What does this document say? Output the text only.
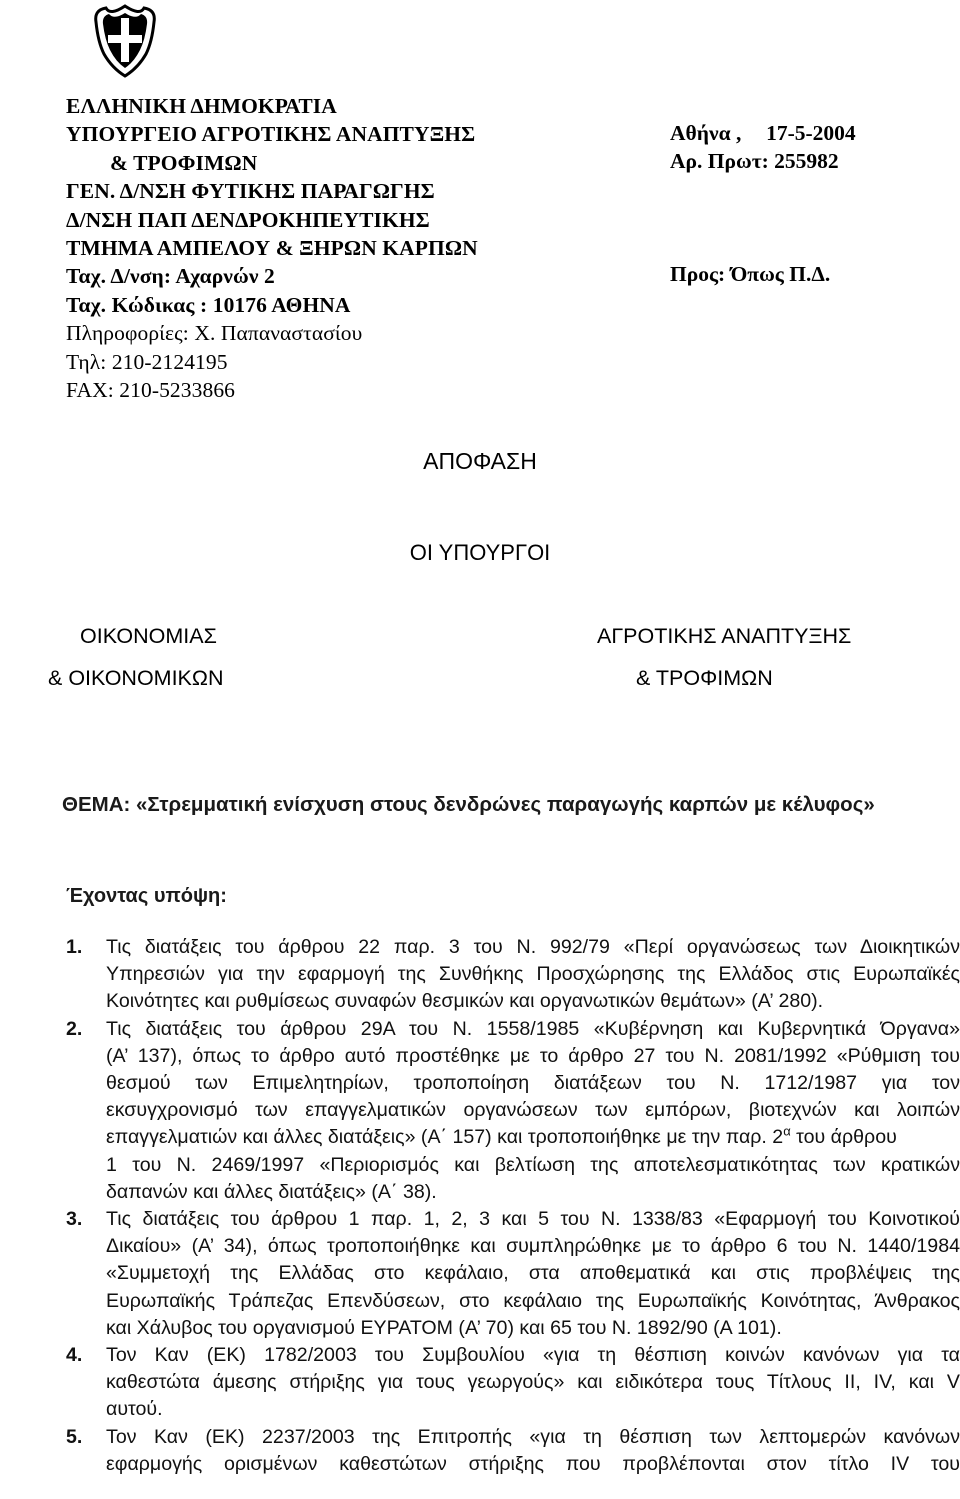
ΕΛΛΗΝΙΚΗ ΔΗΜΟΚΡΑΤΙΑ
ΥΠΟΥΡΓΕΙΟ ΑΓΡΟΤΙΚΗΣ ΑΝΑΠΤΥΞΗΣ
& ΤΡΟΦΙΜΩΝ
ΓΕΝ. Δ/ΝΣΗ ΦΥΤΙΚΗΣ ΠΑΡΑΓΩΓΗΣ
Δ/ΝΣΗ ΠΑΠ ΔΕΝΔΡΟΚΗΠΕΥΤΙΚΗΣ
ΤΜΗΜΑ ΑΜΠΕΛΟΥ & ΞΗΡΩΝ ΚΑΡΠΩΝ
Ταχ. Δ/νση: Αχαρνών 2
Ταχ. Κώδικας : 10176 ΑΘΗΝΑ
Πληροφορίες: Χ. Παπαναστασίου
Τηλ: 210-2124195
FAX: 210-5233866
Αθήνα , 17-5-2004
Αρ. Πρωτ: 255982
Προς: Όπως Π.Δ.
ΑΠΟΦΑΣΗ
ΟΙ ΥΠΟΥΡΓΟΙ
ΟΙΚΟΝΟΜΙΑΣ
& ΟΙΚΟΝΟΜΙΚΩΝ
ΑΓΡΟΤΙΚΗΣ ΑΝΑΠΤΥΞΗΣ
& ΤΡΟΦΙΜΩΝ
ΘΕΜΑ: «Στρεμματική ενίσχυση στους δενδρώνες παραγωγής καρπών με κέλυφος»
Έχοντας υπόψη:
1.	Τις διατάξεις του άρθρου 22 παρ. 3 του Ν. 992/79 «Περί οργανώσεως των Διοικητικών
Υπηρεσιών για την εφαρμογή της Συνθήκης Προσχώρησης της Ελλάδος στις Ευρωπαϊκές
Κοινότητες και ρυθμίσεως συναφών θεσμικών και οργανωτικών θεμάτων» (Α’ 280).
2.	Τις διατάξεις του άρθρου 29Α του Ν. 1558/1985 «Κυβέρνηση και Κυβερνητικά Όργανα»
(Α’ 137), όπως το άρθρο αυτό προστέθηκε με το άρθρο 27 του Ν. 2081/1992 «Ρύθμιση του
θεσμού των Επιμελητηρίων, τροποποίηση διατάξεων του Ν. 1712/1987 για τον
εκσυγχρονισμό των επαγγελματικών οργανώσεων των εμπόρων, βιοτεχνών και λοιπών
επαγγελματιών και άλλες διατάξεις» (Α΄ 157) και τροποποιήθηκε με την παρ. $2^\alpha$ του άρθρου
1 του Ν. 2469/1997 «Περιορισμός και βελτίωση της αποτελεσματικότητας των κρατικών
δαπανών και άλλες διατάξεις» (Α΄ 38).
3.	Τις διατάξεις του άρθρου 1 παρ. 1, 2, 3 και 5 του Ν. 1338/83 «Εφαρμογή του Κοινοτικού
Δικαίου» (Α’ 34), όπως τροποποιήθηκε και συμπληρώθηκε με το άρθρο 6 του Ν. 1440/1984
«Συμμετοχή της Ελλάδας στο κεφάλαιο, στα αποθεματικά και στις προβλέψεις της
Ευρωπαϊκής Τράπεζας Επενδύσεων, στο κεφάλαιο της Ευρωπαϊκής Κοινότητας, Άνθρακος
και Χάλυβος του οργανισμού ΕΥΡΑΤΟΜ (Α’ 70) και 65 του Ν. 1892/90 (Α 101).
4.	Τον Καν (ΕΚ) 1782/2003 του Συμβουλίου «για τη θέσπιση κοινών κανόνων για τα
καθεστώτα άμεσης στήριξης για τους γεωργούς» και ειδικότερα τους Τίτλους ΙΙ, IV, και V
αυτού.
5.	Τον Καν (ΕΚ) 2237/2003 της Επιτροπής «για τη θέσπιση των λεπτομερών κανόνων
εφαρμογής ορισμένων καθεστώτων στήριξης που προβλέπονται στον τίτλο IV του
